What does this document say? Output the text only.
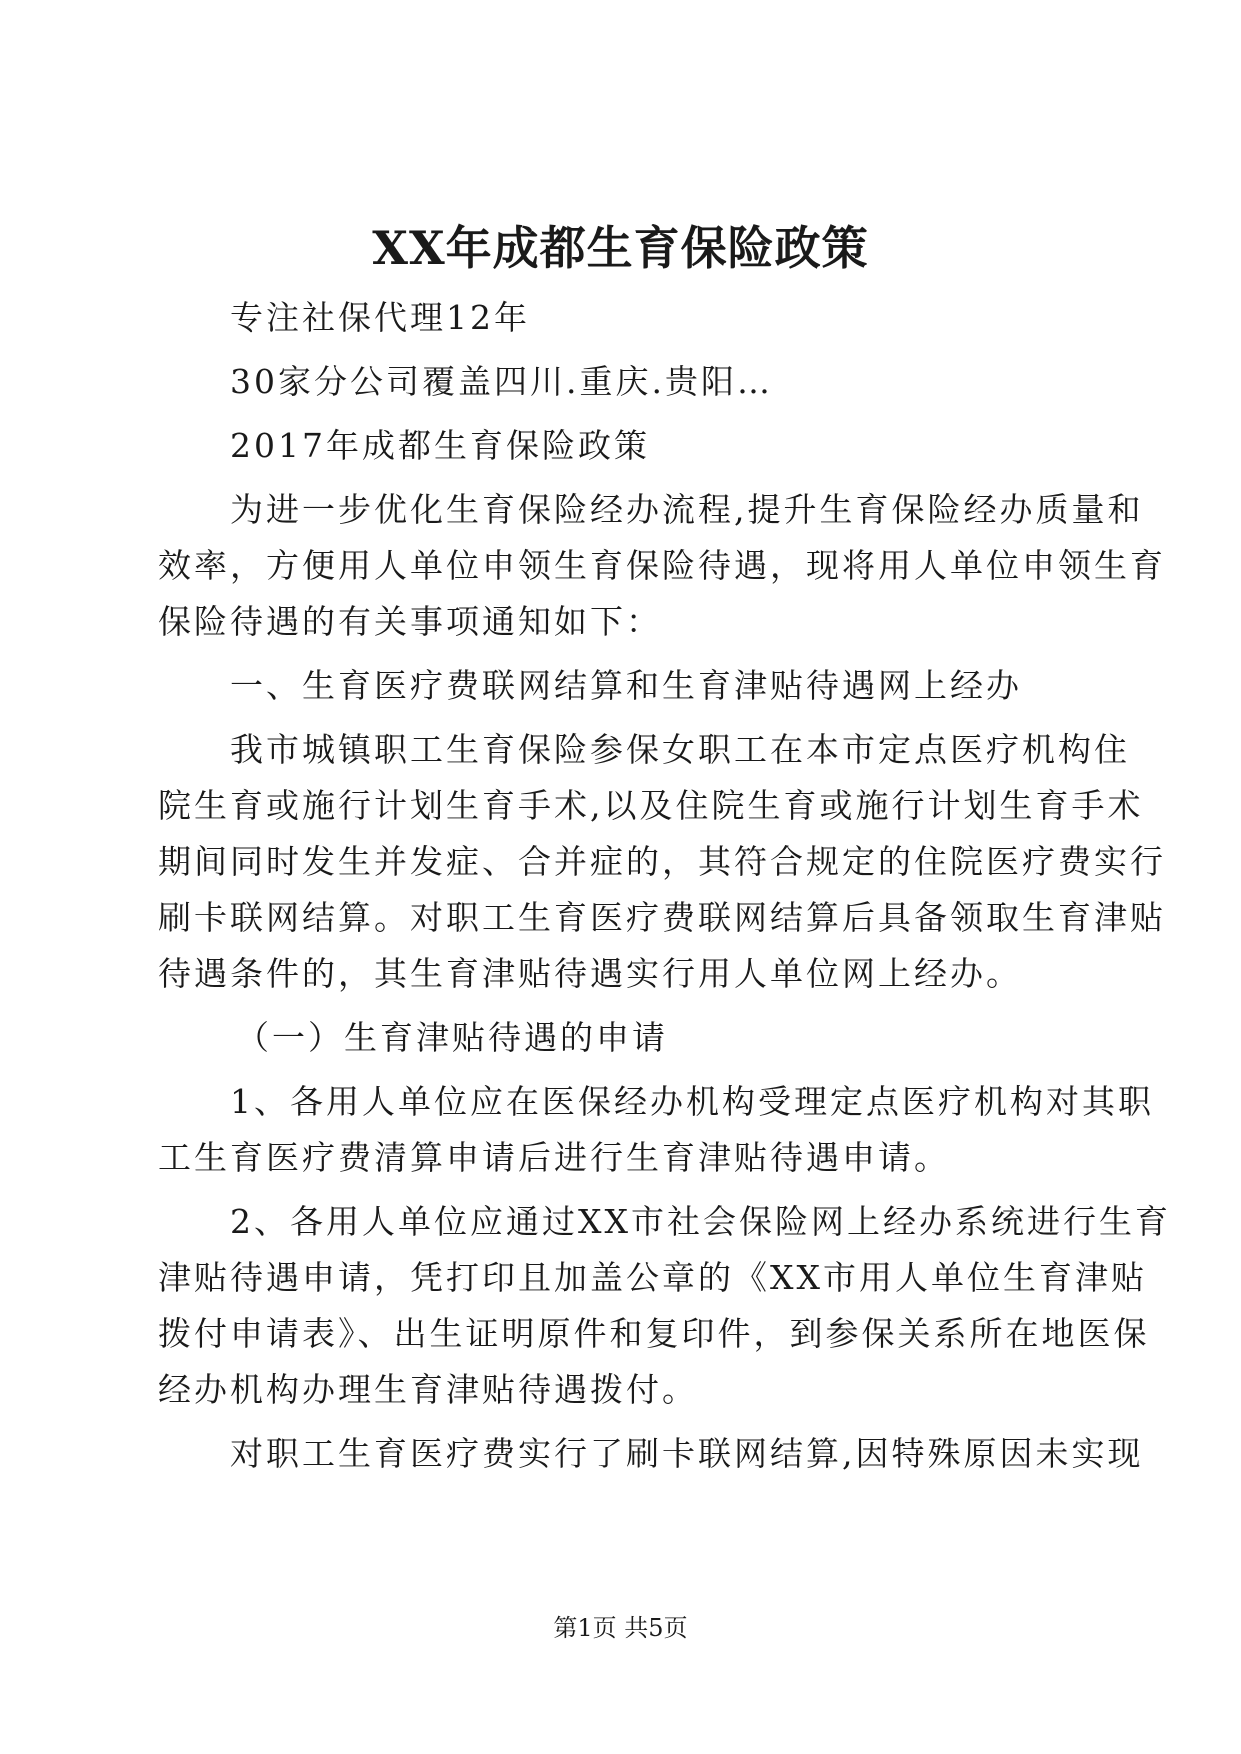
XX年成都生育保险政策

专注社保代理12年

30家分公司覆盖四川.重庆.贵阳…

2017年成都生育保险政策

为进一步优化生育保险经办流程,提升生育保险经办质量和

效率，方便用人单位申领生育保险待遇，现将用人单位申领生育

保险待遇的有关事项通知如下：

一、生育医疗费联网结算和生育津贴待遇网上经办

我市城镇职工生育保险参保女职工在本市定点医疗机构住

院生育或施行计划生育手术,以及住院生育或施行计划生育手术

期间同时发生并发症、合并症的，其符合规定的住院医疗费实行

刷卡联网结算。对职工生育医疗费联网结算后具备领取生育津贴

待遇条件的，其生育津贴待遇实行用人单位网上经办。

（一）生育津贴待遇的申请

1、各用人单位应在医保经办机构受理定点医疗机构对其职

工生育医疗费清算申请后进行生育津贴待遇申请。

2、各用人单位应通过XX市社会保险网上经办系统进行生育

津贴待遇申请，凭打印且加盖公章的《XX市用人单位生育津贴

拨付申请表》、出生证明原件和复印件，到参保关系所在地医保

经办机构办理生育津贴待遇拨付。

对职工生育医疗费实行了刷卡联网结算,因特殊原因未实现

第1页 共5页
